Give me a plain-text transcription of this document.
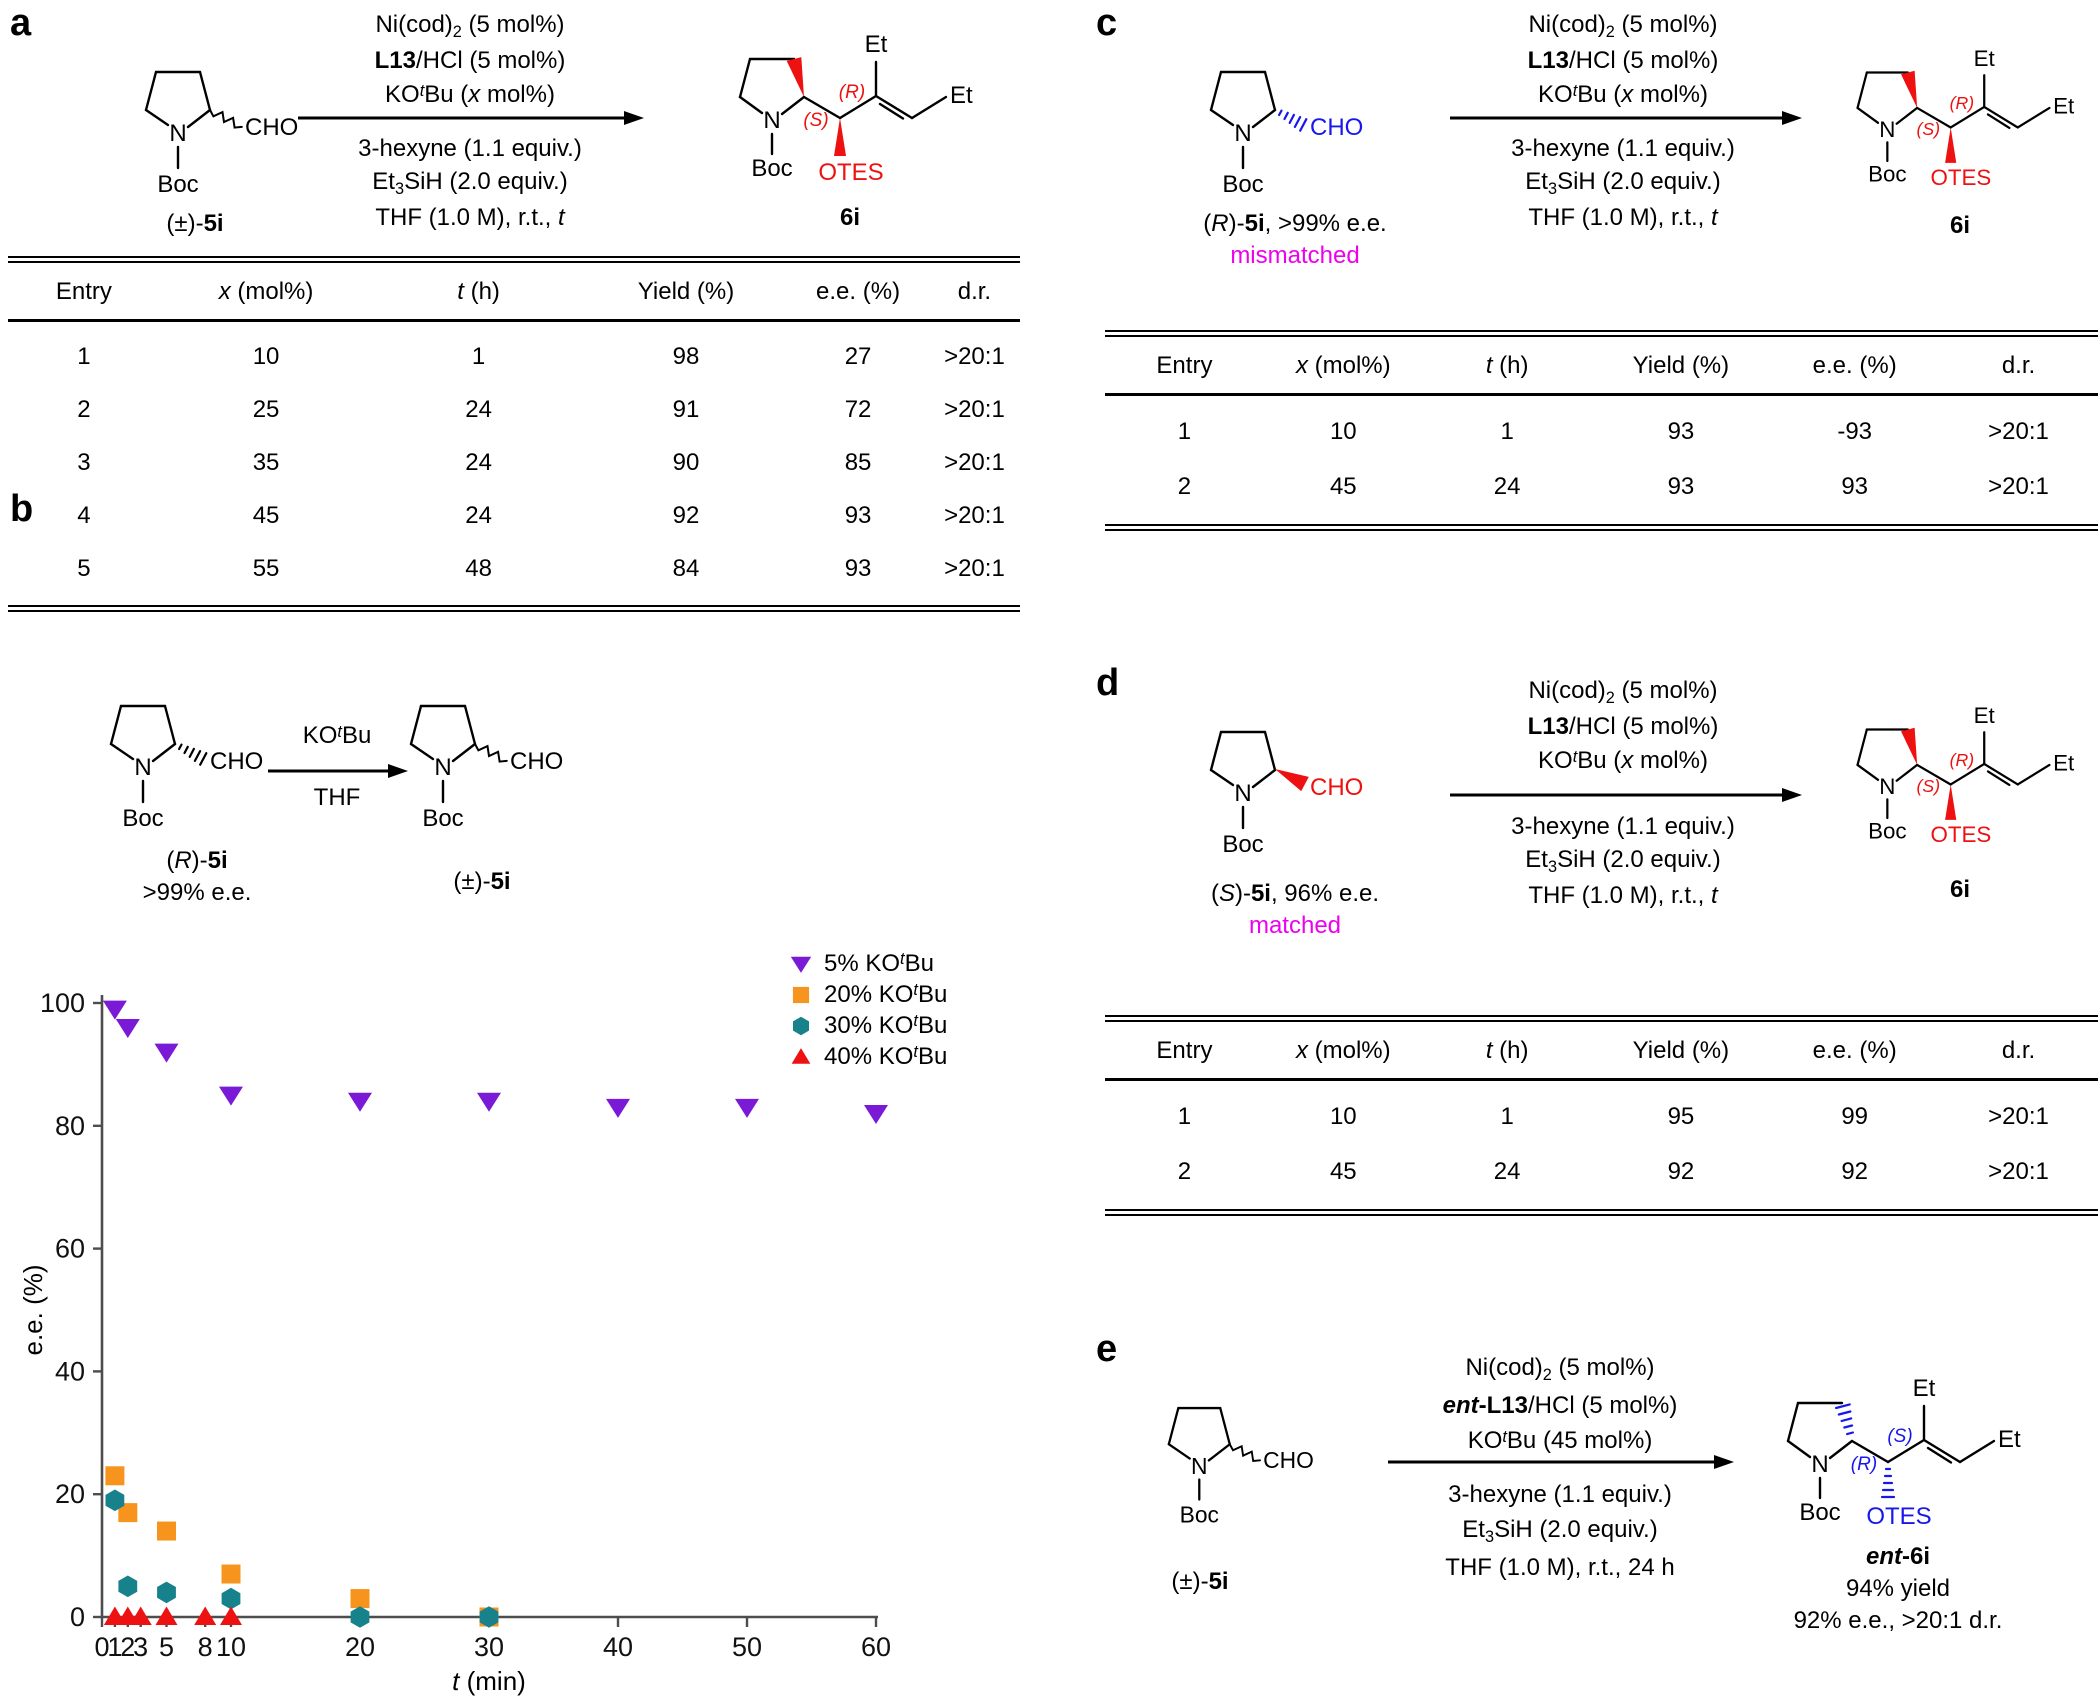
a
N
Boc
CHO
(±)-5i
Ni(cod)2 (5 mol%)
L13/HCl (5 mol%)
$KO^tBu$ (x mol%)
3-hexyne (1.1 equiv.)
Et3SiH (2.0 equiv.)
THF (1.0 M), r.t., t
N
Boc
(S)
(R)
OTES
Et
Et
6i
Entry	x (mol%)	t (h)	Yield (%)	e.e. (%)	d.r.
1	10	1	98	27	>20:1
2	25	24	91	72	>20:1
3	35	24	90	85	>20:1
4	45	24	92	93	>20:1
5	55	48	84	93	>20:1
b
N
Boc
CHO
(R)-5i
>99% e.e.
$KO^tBu$
THF
N
Boc
CHO
(±)-5i
0
20
40
60
80
100
0
1
2
3 5 8 10	20	30	40	50	60
e.e. (%)
t (min)
5% $KO^tBu$
20% $KO^tBu$
30% $KO^tBu$
40% $KO^tBu$
c
N
Boc
CHO
(R)-5i, >99% e.e.
mismatched
Ni(cod)2 (5 mol%)
L13/HCl (5 mol%)
$KO^tBu$ (x mol%)
3-hexyne (1.1 equiv.)
Et3SiH (2.0 equiv.)
THF (1.0 M), r.t., t
N
Boc
(S)
(R)
OTES
Et
Et
6i
Entry	x (mol%)	t (h)	Yield (%)	e.e. (%)	d.r.
1	10	1	93	-93	>20:1
2	45	24	93	93	>20:1
d
N
Boc
CHO
(S)-5i, 96% e.e.
matched
Ni(cod)2 (5 mol%)
L13/HCl (5 mol%)
$KO^tBu$ (x mol%)
3-hexyne (1.1 equiv.)
Et3SiH (2.0 equiv.)
THF (1.0 M), r.t., t
N
Boc
(S)
(R)
OTES
Et
Et
6i
Entry	x (mol%)	t (h)	Yield (%)	e.e. (%)	d.r.
1	10	1	95	99	>20:1
2	45	24	92	92	>20:1
e
N
Boc
CHO
(±)-5i
Ni(cod)2 (5 mol%)
ent-L13/HCl (5 mol%)
$KO^tBu$ (45 mol%)
3-hexyne (1.1 equiv.)
Et3SiH (2.0 equiv.)
THF (1.0 M), r.t., 24 h
N
Boc
(R)
(S)
OTES
Et
Et
ent-6i
94% yield
92% e.e., >20:1 d.r.
